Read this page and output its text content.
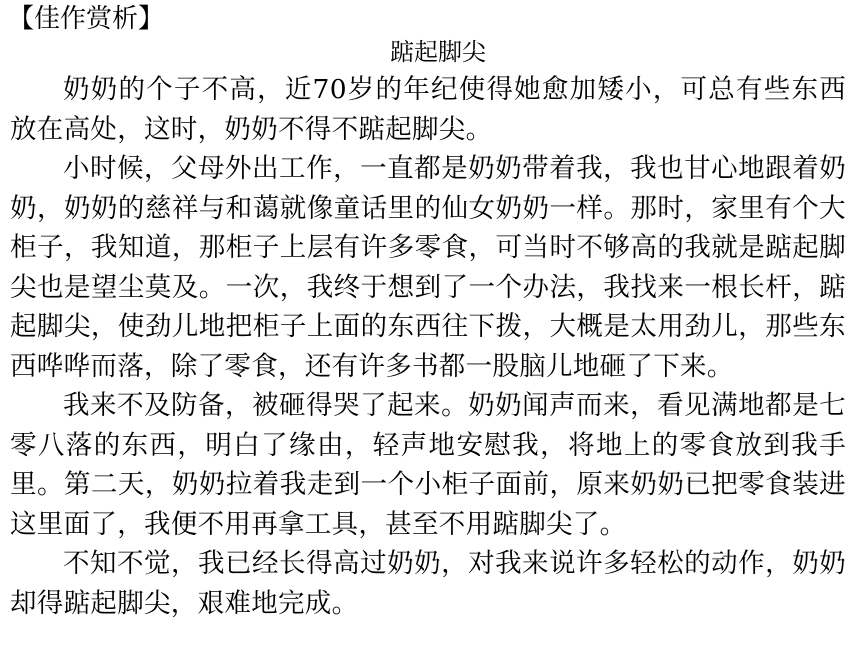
【佳作赏析】
踮起脚尖

奶奶的个子不高，近70岁的年纪使得她愈加矮小，可总有些东西放在高处，这时，奶奶不得不踮起脚尖。

小时候，父母外出工作，一直都是奶奶带着我，我也甘心地跟着奶奶，奶奶的慈祥与和蔼就像童话里的仙女奶奶一样。那时，家里有个大柜子，我知道，那柜子上层有许多零食，可当时不够高的我就是踮起脚尖也是望尘莫及。一次，我终于想到了一个办法，我找来一根长杆，踮起脚尖，使劲儿地把柜子上面的东西往下拨，大概是太用劲儿，那些东西哗哗而落，除了零食，还有许多书都一股脑儿地砸了下来。

我来不及防备，被砸得哭了起来。奶奶闻声而来，看见满地都是七零八落的东西，明白了缘由，轻声地安慰我，将地上的零食放到我手里。第二天，奶奶拉着我走到一个小柜子面前，原来奶奶已把零食装进这里面了，我便不用再拿工具，甚至不用踮脚尖了。

不知不觉，我已经长得高过奶奶，对我来说许多轻松的动作，奶奶却得踮起脚尖，艰难地完成。
